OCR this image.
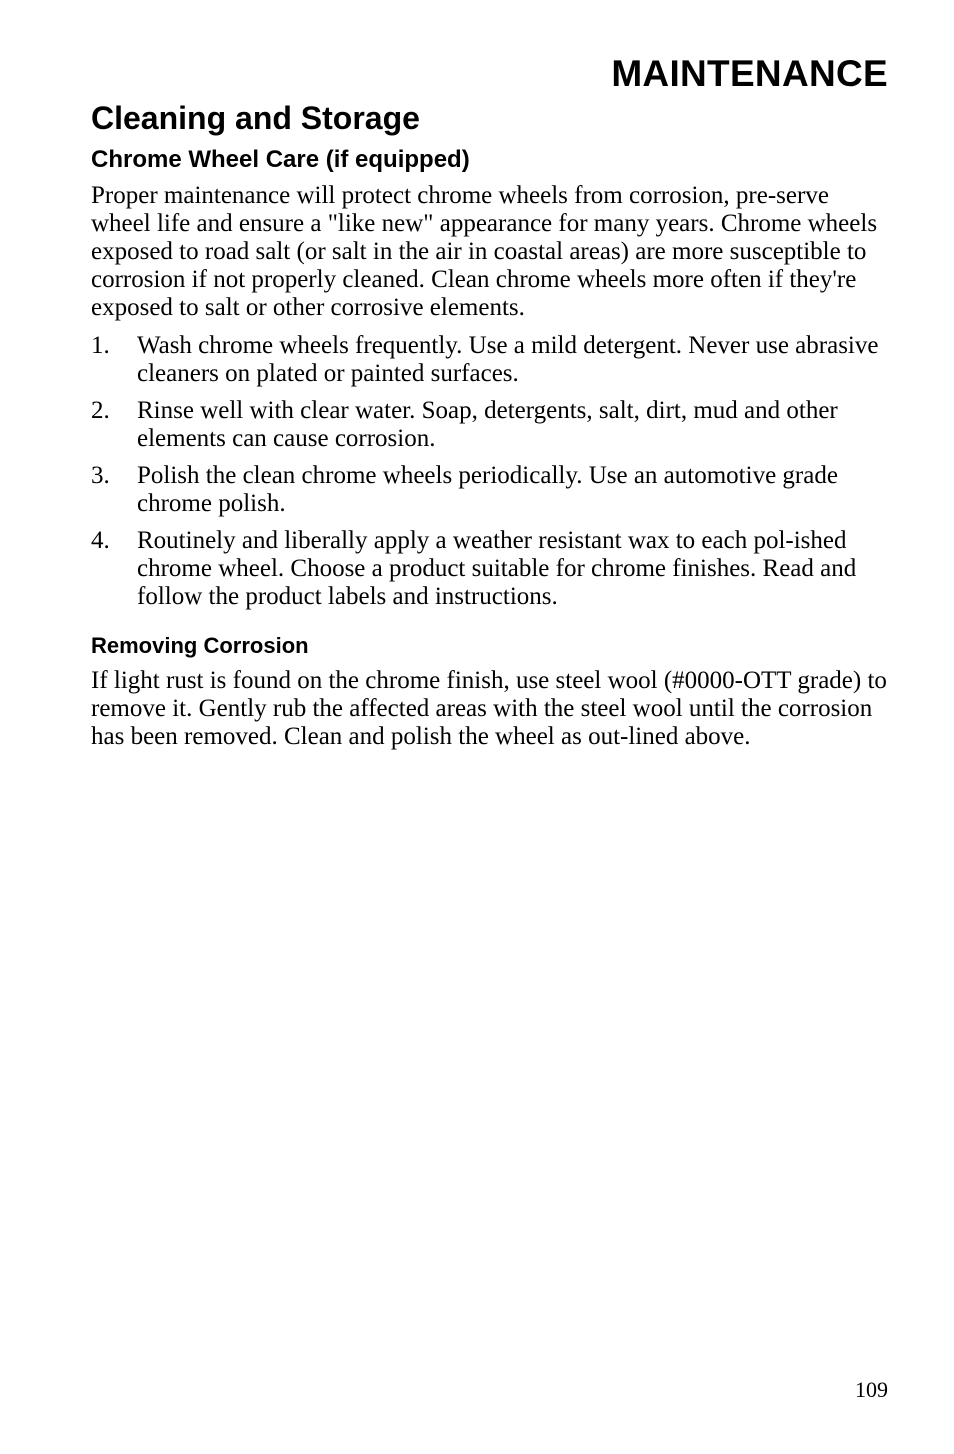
MAINTENANCE
Cleaning and Storage
Chrome Wheel Care (if equipped)

Proper maintenance will protect chrome wheels from corrosion, pre-serve wheel life and ensure a "like new" appearance for many years. Chrome wheels exposed to road salt (or salt in the air in coastal areas) are more susceptible to corrosion if not properly cleaned. Clean chrome wheels more often if they're exposed to salt or other corrosive elements.

1.	Wash chrome wheels frequently. Use a mild detergent. Never use abrasive cleaners on plated or painted surfaces.
2.	Rinse well with clear water. Soap, detergents, salt, dirt, mud and other elements can cause corrosion.
3.	Polish the clean chrome wheels periodically. Use an automotive grade chrome polish.
4.	Routinely and liberally apply a weather resistant wax to each pol-ished chrome wheel. Choose a product suitable for chrome finishes. Read and follow the product labels and instructions.
Removing Corrosion

If light rust is found on the chrome finish, use steel wool (#0000-OTT grade) to remove it. Gently rub the affected areas with the steel wool until the corrosion has been removed. Clean and polish the wheel as out-lined above.

109
